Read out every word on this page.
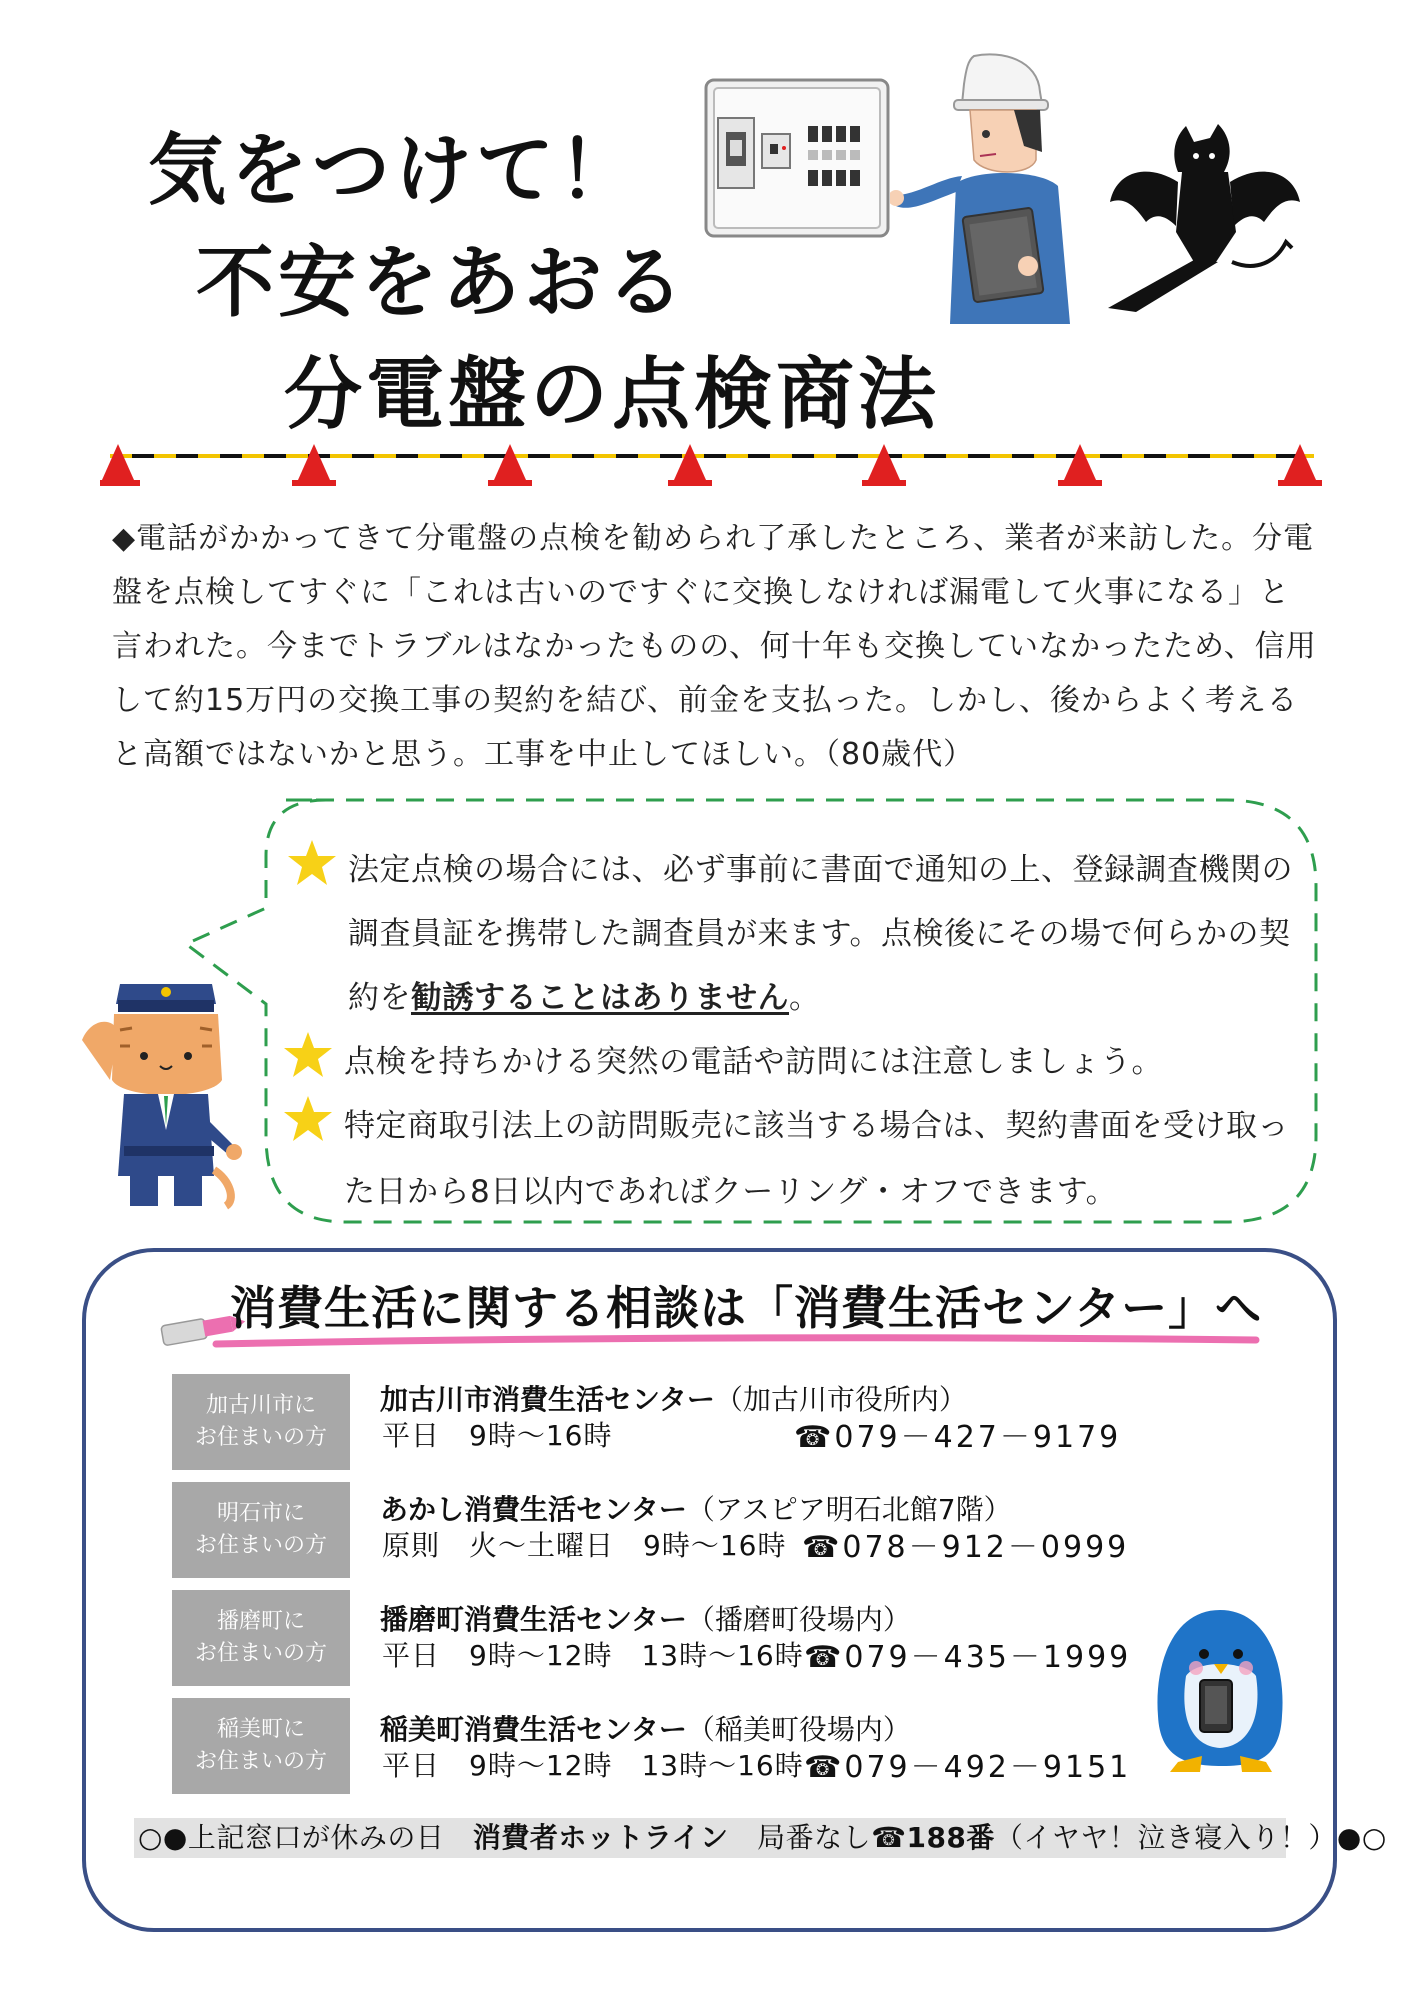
気をつけて！
不安をあおる
分電盤の点検商法
◆電話がかかってきて分電盤の点検を勧められ了承したところ、業者が来訪した。分電盤を点検してすぐに「これは古いのですぐに交換しなければ漏電して火事になる」と言われた。今までトラブルはなかったものの、何十年も交換していなかったため、信用して約15万円の交換工事の契約を結び、前金を支払った。しかし、後からよく考えると高額ではないかと思う。工事を中止してほしい。（80歳代）
法定点検の場合には、必ず事前に書面で通知の上、登録調査機関の
調査員証を携帯した調査員が来ます。点検後にその場で何らかの契
約を勧誘することはありません。
点検を持ちかける突然の電話や訪問には注意しましょう。
特定商取引法上の訪問販売に該当する場合は、契約書面を受け取っ
た日から8日以内であればクーリング・オフできます。
消費生活に関する相談は「消費生活センター」へ
加古川市に
お住まいの方
加古川市消費生活センター（加古川市役所内）
平日　9時～16時	☎079－427－9179
明石市に
お住まいの方
あかし消費生活センター（アスピア明石北館7階）
原則　火～土曜日　9時～16時 ☎078－912－0999
播磨町に
お住まいの方
播磨町消費生活センター（播磨町役場内）
平日　9時～12時　13時～16時 ☎079－435－1999
稲美町に
お住まいの方
稲美町消費生活センター（稲美町役場内）
平日　9時～12時　13時～16時 ☎079－492－9151
○●上記窓口が休みの日　 消費者ホットライン　 局番なし☎188番（イヤヤ！泣き寝入り！）●○
